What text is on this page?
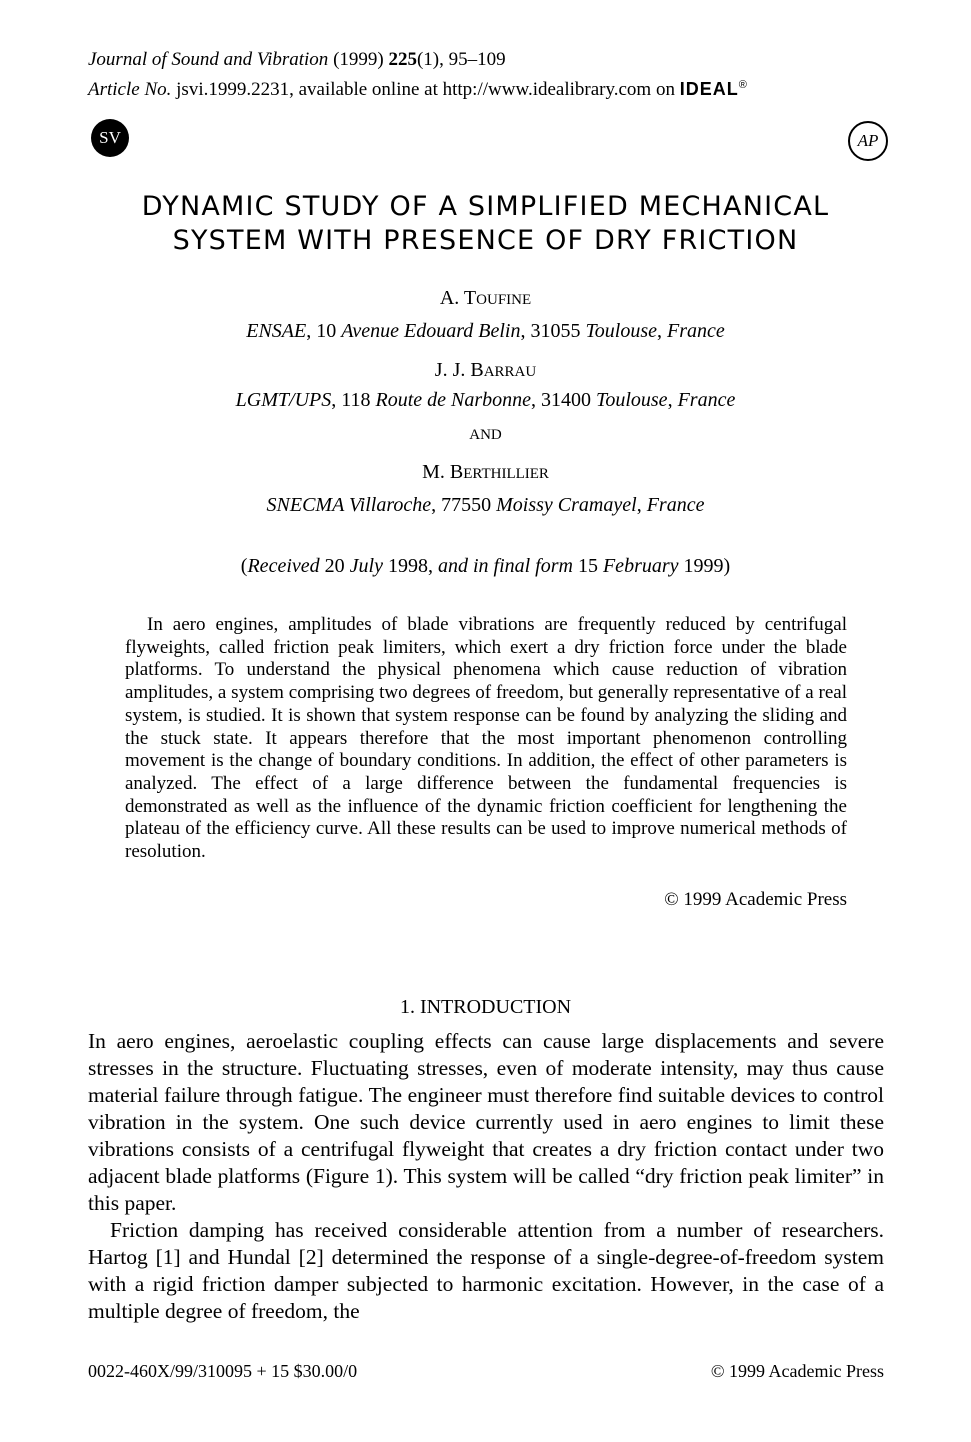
Journal of Sound and Vibration (1999) 225(1), 95–109
Article No. jsvi.1999.2231, available online at http://www.idealibrary.com on IDEAL®
SV	AP
DYNAMIC STUDY OF A SIMPLIFIED MECHANICAL
SYSTEM WITH PRESENCE OF DRY FRICTION
A. TOUFINE
ENSAE, 10 Avenue Edouard Belin, 31055 Toulouse, France
J. J. BARRAU
LGMT/UPS, 118 Route de Narbonne, 31400 Toulouse, France
AND
M. BERTHILLIER
SNECMA Villaroche, 77550 Moissy Cramayel, France
(Received 20 July 1998, and in final form 15 February 1999)

In aero engines, amplitudes of blade vibrations are frequently reduced by centrifugal flyweights, called friction peak limiters, which exert a dry friction force under the blade platforms. To understand the physical phenomena which cause reduction of vibration amplitudes, a system comprising two degrees of freedom, but generally representative of a real system, is studied. It is shown that system response can be found by analyzing the sliding and the stuck state. It appears therefore that the most important phenomenon controlling movement is the change of boundary conditions. In addition, the effect of other parameters is analyzed. The effect of a large difference between the fundamental frequencies is demonstrated as well as the influence of the dynamic friction coefficient for lengthening the plateau of the efficiency curve. All these results can be used to improve numerical methods of resolution.

© 1999 Academic Press
1. INTRODUCTION

In aero engines, aeroelastic coupling effects can cause large displacements and severe stresses in the structure. Fluctuating stresses, even of moderate intensity, may thus cause material failure through fatigue. The engineer must therefore find suitable devices to control vibration in the system. One such device currently used in aero engines to limit these vibrations consists of a centrifugal flyweight that creates a dry friction contact under two adjacent blade platforms (Figure 1). This system will be called “dry friction peak limiter” in this paper.

Friction damping has received considerable attention from a number of researchers. Hartog [1] and Hundal [2] determined the response of a single-degree-of-freedom system with a rigid friction damper subjected to harmonic excitation. However, in the case of a multiple degree of freedom, the

0022-460X/99/310095 + 15 $30.00/0	© 1999 Academic Press
